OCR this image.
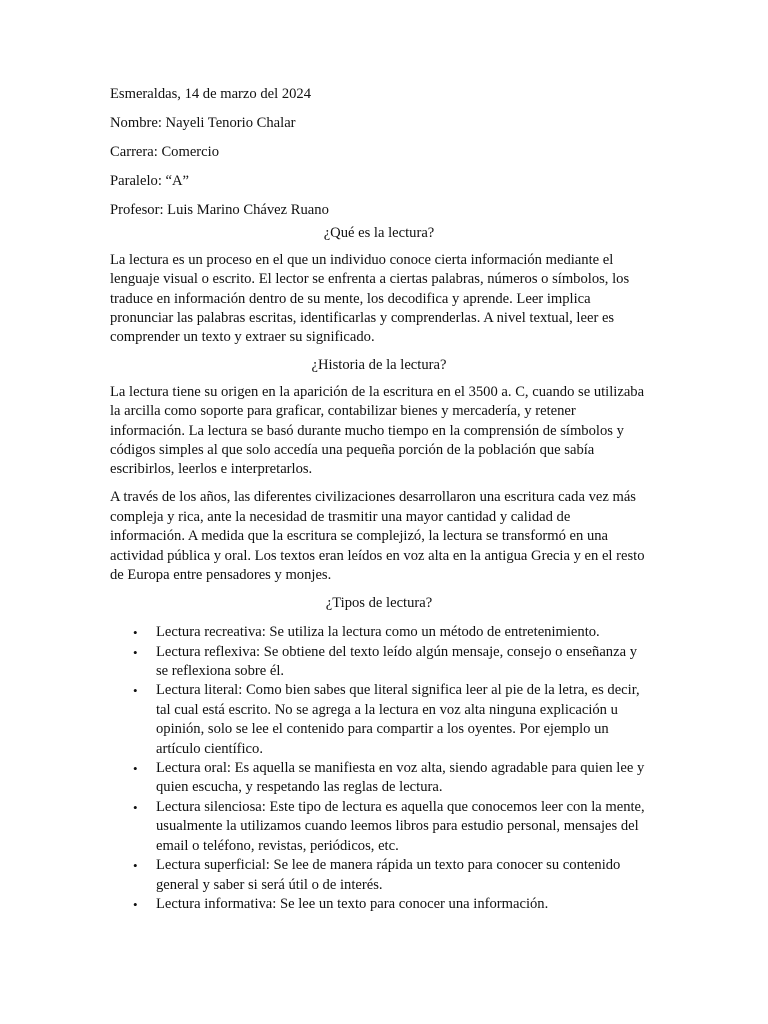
Esmeraldas, 14 de marzo del 2024
Nombre: Nayeli Tenorio Chalar
Carrera: Comercio
Paralelo: “A”
Profesor: Luis Marino Chávez Ruano
¿Qué es la lectura?

La lectura es un proceso en el que un individuo conoce cierta información mediante el lenguaje visual o escrito. El lector se enfrenta a ciertas palabras, números o símbolos, los traduce en información dentro de su mente, los decodifica y aprende. Leer implica pronunciar las palabras escritas, identificarlas y comprenderlas. A nivel textual, leer es comprender un texto y extraer su significado.

¿Historia de la lectura?

La lectura tiene su origen en la aparición de la escritura en el 3500 a. C, cuando se utilizaba la arcilla como soporte para graficar, contabilizar bienes y mercadería, y retener información. La lectura se basó durante mucho tiempo en la comprensión de símbolos y códigos simples al que solo accedía una pequeña porción de la población que sabía escribirlos, leerlos e interpretarlos.

A través de los años, las diferentes civilizaciones desarrollaron una escritura cada vez más compleja y rica, ante la necesidad de trasmitir una mayor cantidad y calidad de información. A medida que la escritura se complejizó, la lectura se transformó en una actividad pública y oral. Los textos eran leídos en voz alta en la antigua Grecia y en el resto de Europa entre pensadores y monjes.

¿Tipos de lectura?
• Lectura recreativa: Se utiliza la lectura como un método de entretenimiento.
• Lectura reflexiva: Se obtiene del texto leído algún mensaje, consejo o enseñanza y se reflexiona sobre él.
• Lectura literal: Como bien sabes que literal significa leer al pie de la letra, es decir, tal cual está escrito. No se agrega a la lectura en voz alta ninguna explicación u opinión, solo se lee el contenido para compartir a los oyentes. Por ejemplo un artículo científico.
• Lectura oral: Es aquella se manifiesta en voz alta, siendo agradable para quien lee y quien escucha, y respetando las reglas de lectura.
• Lectura silenciosa: Este tipo de lectura es aquella que conocemos leer con la mente, usualmente la utilizamos cuando leemos libros para estudio personal, mensajes del email o teléfono, revistas, periódicos, etc.
• Lectura superficial: Se lee de manera rápida un texto para conocer su contenido general y saber si será útil o de interés.
• Lectura informativa: Se lee un texto para conocer una información.
